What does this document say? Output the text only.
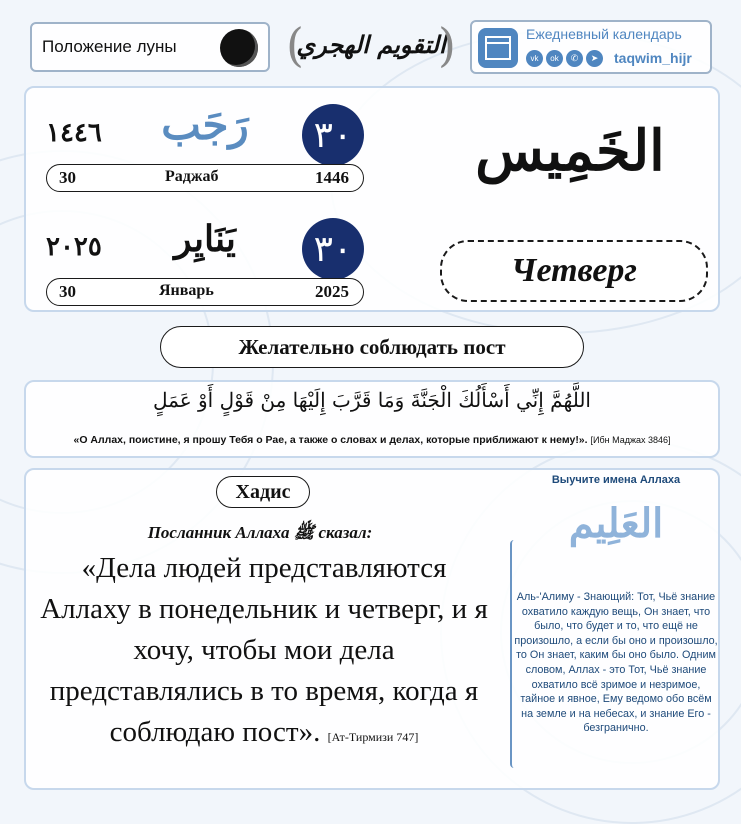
Положение луны (
التقويم الهجري
)	Ежедневный календарь
vk	ok	✆	➤	taqwim_hijr
١٤٤٦	رَجَب	٣٠
30	Раджаб	1446
٢٠٢٥	يَنَايِر	٣٠
30	Январь	2025
الخَمِيس
Четверг
Желательно соблюдать пост
اللَّهُمَّ إِنِّي أَسْأَلُكَ الْجَنَّةَ وَمَا قَرَّبَ إِلَيْهَا مِنْ قَوْلٍ أَوْ عَمَلٍ
«О Аллах, поистине, я прошу Тебя о Рае, а также о словах и делах, которые приближают к нему!». [Ибн Маджах 3846]
Хадис
Посланник Аллаха ﷺ сказал:
«Дела людей представляются Аллаху в понедельник и четверг, и я хочу, чтобы мои дела представлялись в то время, когда я соблюдаю пост». [Ат-Тирмизи 747]
Выучите имена Аллаха
العَلِيم
Аль-'Алиму - Знающий: Тот, Чьё знание охватило каждую вещь, Он знает, что было, что будет и то, что ещё не произошло, а если бы оно и произошло, то Он знает, каким бы оно было. Одним словом, Аллах - это Тот, Чьё знание охватило всё зримое и незримое, тайное и явное, Ему ведомо обо всём на земле и на небесах, и знание Его - безгранично.
